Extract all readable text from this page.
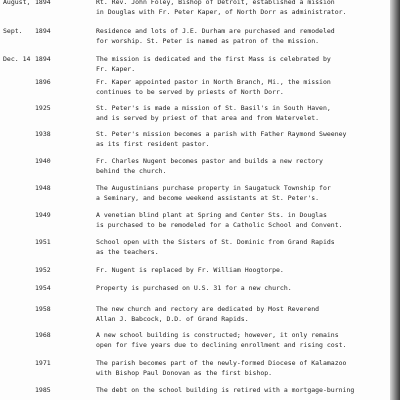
August, 1894	Rt. Rev. John Foley, Bishop of Detroit, established a mission
in Douglas with Fr. Peter Kaper, of North Dorr as administrator.
Sept.	1894	Residence and lots of J.E. Durham are purchased and remodeled
for worship. St. Peter is named as patron of the mission.
Dec. 14 1894	The mission is dedicated and the first Mass is celebrated by
Fr. Kaper.
1896	Fr. Kaper appointed pastor in North Branch, Mi., the mission
continues to be served by priests of North Dorr.
1925	St. Peter's is made a mission of St. Basil's in South Haven,
and is served by priest of that area and from Watervelet.
1938	St. Peter's mission becomes a parish with Father Raymond Sweeney
as its first resident pastor.
1940	Fr. Charles Nugent becomes pastor and builds a new rectory
behind the church.
1948	The Augustinians purchase property in Saugatuck Township for
a Seminary, and become weekend assistants at St. Peter's.
1949	A venetian blind plant at Spring and Center Sts. in Douglas
is purchased to be remodeled for a Catholic School and Convent.
1951	School open with the Sisters of St. Dominic from Grand Rapids
as the teachers.
1952	Fr. Nugent is replaced by Fr. William Hoogtorpe.
1954	Property is purchased on U.S. 31 for a new church.
1958	The new church and rectory are dedicated by Most Reverend
Allan J. Babcock, D.D. of Grand Rapids.
1968	A new school building is constructed; however, it only remains
open for five years due to declining enrollment and rising cost.
1971	The parish becomes part of the newly-formed Diocese of Kalamazoo
with Bishop Paul Donovan as the first bishop.
1985	The debt on the school building is retired with a mortgage-burning
